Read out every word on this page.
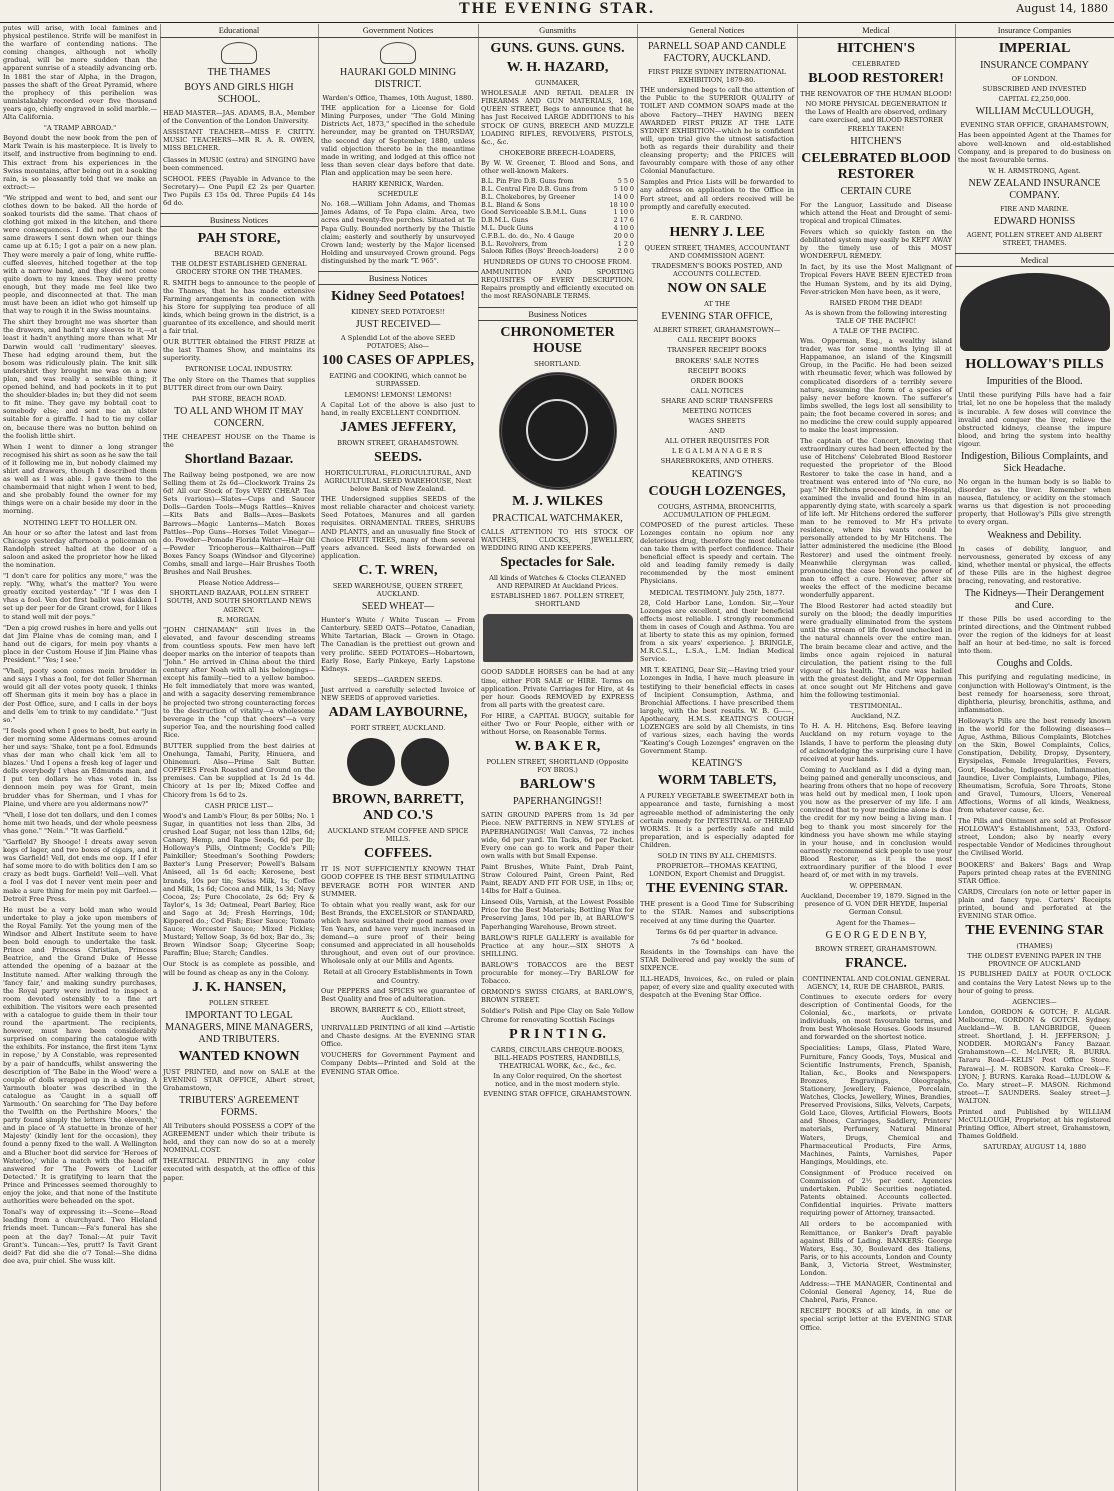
THE EVENING STAR.	August 14, 1880
putes will arise, with local famines and physical pestilence. Strife will be manifest in the warfare of contending nations. The coming changes, although not wholly gradual, will be more sudden than the apparent sunrise of a steadily advancing orb. In 1881 the star of Alpha, in the Dragon, passes the shaft of the Great Pyramid, where the prophecy of this perihelion was unmistakably recorded over five thousand years ago, chiefly engraved in solid marble.—Alta California.
"A TRAMP ABROAD."
Beyond doubt the new book from the pen of Mark Twain is his masterpiece. It is lively to itself, and instructive from beginning to end. This extract from his experiences in the Swiss mountains, after being out in a soaking rain, is so pleasantly told that we make an extract:—
"We stripped and went to bed, and sent our clothes down to be baked. All the horde of soaked tourists did the same. That chaos of clothing got mixed in the kitchen, and there were consequences. I did not get back the same drawers I sent down when our things came up at 6.15; I got a pair on a new plan. They were merely a pair of long, white ruffle-cuffed sleeves, hitched together at the top with a narrow band, and they did not come quite down to my knees. They were pretty enough, but they made me feel like two people, and disconnected at that. The man must have been an idiot who got himself up that way to rough it in the Swiss mountains.
The shirt they brought me was shorter than the drawers, and hadn't any sleeves to it,—at least it hadn't anything more than what Mr Darwin would call 'rudimentary' sleeves. These had edging around them, but the bosom was ridiculously plain. The knit silk undershirt they brought me was on a new plan, and was really a sensible thing; it opened behind, and had pockets in it to put the shoulder-blades in; but they did not seem to fit mine. They gave my bobtail coat to somebody else; and sent me an ulster suitable for a giraffe. I had to tie my collar on, because there was no button behind on the foolish little shirt.
When I went to dinner a long stranger recognised his shirt as soon as he saw the tail of it following me in, but nobody claimed my shirt and drawers, though I described them as well as I was able. I gave them to the chambermaid that night when I went to bed, and she probably found the owner for my things were on a chair beside my door in the morning.
NOTHING LEFT TO HOLLER ON.
An hour or so after the latest and last from Chicago yesterday afternoon a policeman on Randolph street halted at the door of a saloon and asked the proprietor how he liked the nomination.
"I don't care for politics any more," was the reply. "Why, what's the matter? You were greatly excited yesterday." "If I was den I vhas a fool. Ven dot first ballot was dakken I set up der peer for de Grant crowd, for I likes to stand well mit der poys."
"Den a pig crowd rushes in here and yells out dat Jim Plaine vhas de coming man, and I hand out de cigars, for mein poy vhants a place in der Custom House if Jim Plaine vhas President." "Yes; I see."
"Vhell, pooty soon comes mein brudder in and says I vhas a fool, for dot feller Sherman would git all der votes pooty queek. I thinks off Sherman gits it mein boy has a place in der Post Office, sure, and I calls in der boys and dells 'em to trink to my candidate." "Just so."
"I feels good when I goes to bedt, but early in der morning some Aldermans comes around her und says: 'Shake, tont pe a fool. Edmunds vhas der man who chall kick 'em all to blazes.' Und I opens a fresh keg of lager und dells everybody I vhas an Edmunds man, and I put ten dollars he vhas voted in. Iss dennoon mein poy was for Grant, mein brudder vhas for Sherman, und I vhas for Plaine, und vhere are you aldermans now?"
"Vhell, I lose dot ten dollars, und den I comes home mit two heads, und der whole peesness vhas gone." "Nein." "It was Garfield."
"Garfield? By Shooge! I dreats away seven kegs of lager, and two boxes of cigars, and it was Garfield! Vell, dot ends me oop. If I efer haf some more to do with bolitics den I am so crazy as bedt bugs. Garfield! Vell—vell. Vhat a fool I vas dot I never vent mein peer and make a sure thing for mein poy mit Garfeel.—Detroit Free Press.
He must be a very bold man who would undertake to play a joke upon members of the Royal Family. Yet the young men of the Windsor and Albert Institute seem to have been bold enough to undertake the task. Prince and Princess Christian, Princess Beatrice, and the Grand Duke of Hesse attended the opening of a bazaar at the Institute named. After walking through the 'fancy fair,' and making sundry purchases, the Royal party were invited to inspect a room devoted ostensibly to a fine art exhibition. The visitors were each presented with a catalogue to guide them in their tour round the apartment. The recipients, however, must have been considerably surprised on comparing the catalogue with the exhibits. For instance, the first item 'Lynx in repose,' by A Constable, was represented by a pair of handcuffs, whilst answering the description of 'The Babe in the Wood' were a couple of dolls wrapped up in a shaving. A Yarmouth bloater was described in the catalogue as 'Caught in a squall off Yarmouth.' On searching for 'The Day before the Twelfth on the Perthshire Moors,' the party found simply the letters 'the eleventh,' and in place of 'A statuette in bronze of her Majesty' (kindly lent for the occasion), they found a penny fixed to the wall. A Wellington and a Blucher boot did service for 'Heroes of Waterloo,' while a match with the head off answered for 'The Powers of Lucifer Detected.' It is gratifying to learn that the Prince and Princesses seemed thoroughly to enjoy the joke, and that none of the Institute authorities were beheaded on the spot.
Tonal's way of expressing it:—Scene—Road leading from a churchyard. Two Hieland friends meet. Tuncan:—Fa's funeral has she peen at the day? Tonal:—At puir Tavit Grant's. Tuncan:—Yes, prutt? Is Tavit Grant deid? Fat did she die o'? Tonal:—She didna dee ava, puir chiel. She wuss kilt.
Educational
THE THAMES
BOYS AND GIRLS HIGH SCHOOL.
HEAD MASTER—JAS. ADAMS, B.A., Member of the Convention of the London University.
ASSISTANT TEACHER—MISS F. CRITTY. MUSIC TEACHERS—MR R. A. R. OWEN, MISS BELCHER.
Classes in MUSIC (extra) and SINGING have been commenced.
SCHOOL FEES (Payable in Advance to the Secretary)— One Pupil £2 2s per Quarter. Two Pupils £3 15s 0d. Three Pupils £4 14s 6d do.
Business Notices
PAH STORE,
BEACH ROAD.
THE OLDEST ESTABLISHED GENERAL GROCERY STORE ON THE THAMES.
R. SMITH begs to announce to the people of the Thames, that he has made extensive Farming arrangements in connection with his Store for supplying tea produce of all kinds, which being grown in the district, is a guarantee of its excellence, and should merit a fair trial.
OUR BUTTER obtained the FIRST PRIZE at the last Thames Show, and maintains its superiority.
PATRONISE LOCAL INDUSTRY.
The only Store on the Thames that supplies BUTTER direct from our own Dairy.
PAH STORE, BEACH ROAD.
TO ALL AND WHOM IT MAY CONCERN.
THE CHEAPEST HOUSE on the Thame is the
Shortland Bazaar.
The Railway being postponed, we are now Selling them at 2s 6d—Clockwork Trains 2s 6d! All our Stock of Toys VERY CHEAP. Tea Sets (various)—Slates—Cups and Saucer Dolls—Garden Tools—Mugs Rattles—Knives—Kits Bats and Balls—Axes—Baskets Barrows—Magic Lanterns—Match Boxes Pattles—Pop Guns—Horses Toilet Vinegar—do. Powder—Pomade Florida Water—Hair Oil—Powder Tricopherous—Kalthairon—Puff Boxes Fancy Soaps (Windsor and Glycerine) Combs, small and large—Hair Brushes Tooth Brushes and Nail Brushes.
Please Notice Address—
SHORTLAND BAZAAR, POLLEN STREET SOUTH, AND SOUTH SHORTLAND NEWS AGENCY.
R. MORGAN.
"JOHN CHINAMAN" still lives in the elevated, and favour descending streams from countless spouts. Few men have left deeper marks on the interior of teapots than "John." He arrived in China about the third century after Noah with all his belongings—except his family—tied to a yellow bamboo. He felt immediately that more was wanted, and with a sagacity deserving remembrance he projected two strong counteracting forces to the destruction of vitality—a wholesome beverage in the "cup that cheers"—a very superior Tea, and the nourishing food called Rice.
BUTTER supplied from the best dairies at Onehunga, Tamahi, Parity, Hinuera, and Ohinemuri. Also—Prime Salt Butter. COFFEES Fresh Roasted and Ground on the premises. Can be supplied at 1s 2d 1s 4d. Chicory at 1s per lb; Mixed Coffee and Chicory from 1s 6d to 2s.
CASH PRICE LIST—
Wood's and Lamb's Flour, 8s per 50lbs; No. 1 Sugar, in quantities not less than 2lbs, 3d crushed Loaf Sugar, not less than 12lbs, 6d; Canary, Hemp, and Rape Seeds, 6d per lb; Holloway's Pills, Ointment; Cockle's Pill; Painkiller; Steedman's Soothing Powders; Baxter's Lung Preserver; Powell's Balsam Aniseed, all 1s 6d each; Kerosene, best brands, 10s per tin; Swiss Milk, 1s; Coffee and Milk, 1s 6d; Cocoa and Milk, 1s 3d; Navy Cocoa, 2s; Pure Chocolate, 2s 6d; Fry & Taylor's, 1s 3d; Oatmeal, Pearl Barley, Rice and Sago at 3d; Fresh Herrings, 10d; Kippered do.; Cod Fish; Eiser Sauce; Tomato Sauce; Worcester Sauce; Mixed Pickles; Mustard; Yellow Soap, 3s 6d box; Bar do., 3s; Brown Windsor Soap; Glycerine Soap; Paraffin; Blue; Starch; Candles.
Our Stock is as complete as possible, and will be found as cheap as any in the Colony.
J. K. HANSEN,
POLLEN STREET.
IMPORTANT TO LEGAL MANAGERS, MINE MANAGERS, AND TRIBUTERS.
WANTED KNOWN
JUST PRINTED, and now on SALE at the EVENING STAR OFFICE, Albert street, Grahamstown,
TRIBUTERS' AGREEMENT FORMS.
All Tributers should POSSESS a COPY of the AGREEMENT under which their tribute is held, and they can now do so at a merely NOMINAL COST.
THEATRICAL PRINTING in any color executed with despatch, at the office of this paper.
Government Notices
HAURAKI GOLD MINING DISTRICT.
Warden's Office, Thames, 10th August, 1880.
THE application for a License for Gold Mining Purposes, under "The Gold Mining Districts Act, 1873," specified in the schedule hereunder, may be granted on THURSDAY, the second day of September, 1880, unless valid objection thereto be in the meantime made in writing, and lodged at this office not less than seven clear days before that date. Plan and application may be seen here.
HARRY KENRICK, Warden.
SCHEDULE
No. 168.—William John Adams, and Thomas James Adams, of Te Papa claim. Area, two acres and twenty-five perches. Situated at Te Papa Gully. Bounded northerly by the Thistle claim; easterly and southerly by unsurveyed Crown land; westerly by the Major licensed Holding and unsurveyed Crown ground. Pegs distinguished by the mark "T. 965".
Business Notices
Kidney Seed Potatoes!
KIDNEY SEED POTATOES!!
JUST RECEIVED—
A Splendid Lot of the above SEED POTATOES; Also—
100 CASES OF APPLES,
EATING and COOKING, which cannot be SURPASSED.
LEMONS! LEMONS! LEMONS!
A Capital Lot of the above is also just to hand, in really EXCELLENT CONDITION.
JAMES JEFFERY,
BROWN STREET, GRAHAMSTOWN.
SEEDS.
HORTICULTURAL, FLORICULTURAL, AND AGRICULTURAL SEED WAREHOUSE, Next below Bank of New Zealand.
THE Undersigned supplies SEEDS of the most reliable character and choicest variety. Seed Potatoes, Manures and all garden requisites. ORNAMENTAL TREES, SHRUBS AND PLANTS, and an unusually fine Stock of Choice FRUIT TREES, many of them several years advanced. Seed lists forwarded on application.
C. T. WREN,
SEED WAREHOUSE, QUEEN STREET, AUCKLAND.
SEED WHEAT—
Hunter's White / White Tuscan — From Canterbury. SEED OATS—Potatoe, Canadian, White Tartarian, Black — Grown in Otago. The Canadian is the prettiest out grown and very prolific. SEED POTATOES—Hobartown, Early Rose, Early Pinkeye, Early Lapstone Kidneys.
SEEDS—GARDEN SEEDS.
Just arrived a carefully selected Invoice of NEW SEEDS of approved varieties.
ADAM LAYBOURNE,
FORT STREET, AUCKLAND.
BROWN, BARRETT, AND CO.'S
AUCKLAND STEAM COFFEE AND SPICE MILLS.
COFFEES.
IT IS NOT SUFFICIENTLY KNOWN THAT GOOD COFFEE IS THE BEST STIMULATING BEVERAGE BOTH FOR WINTER AND SUMMER.
To obtain what you really want, ask for our Best Brands, the EXCELSIOR or STANDARD, which have sustained their good names over Ten Years, and have very much increased in demand—a sure proof of their being consumed and appreciated in all households throughout, and even out of our province. Wholesale only at our Mills and Agents.
Retail at all Grocery Establishments in Town and Country.
Our PEPPERS and SPICES we guarantee of Best Quality and free of adulteration.
BROWN, BARRETT & CO., Elliott street, Auckland.
UNRIVALLED PRINTING of all kind —Artistic and Chaste designs. At the EVENING STAR Office.
VOUCHERS for Government Payment and Company Debts—Printed and Sold at the EVENING STAR Office.
Gunsmiths
GUNS. GUNS. GUNS.
W. H. HAZARD,
GUNMAKER,
WHOLESALE AND RETAIL DEALER IN FIREARMS AND GUN MATERIALS, 168, QUEEN STREET, Begs to announce that he has Just Received LARGE ADDITIONS to his STOCK OF GUNS, BREECH AND MUZZLE LOADING RIFLES, REVOLVERS, PISTOLS, &c., &c.
CHOKEBORE BREECH-LOADERS,
By W. W. Greener, T. Blood and Sons, and other well-known Makers.
B.L. Pin Fire D.B. Guns from	5 5 0
B.L. Central Fire D.B. Guns from	5 10 0
B.L. Chokebores, by Greener	14 0 0
B.L. Bland & Sons	18 10 0
Good Serviceable S.B.M.L. Guns	1 10 0
D.B.M.L. Guns	2 17 6
M.L. Duck Guns	4 10 0
C.F.B.L. do. do., No. 4 Gauge	20 0 0
B.L. Revolvers, from	1 2 0
Saloon Rifles (Boys' Breech-loaders)	2 0 0
HUNDREDS OF GUNS TO CHOOSE FROM.
AMMUNITION AND SPORTING REQUISITES OF EVERY DESCRIPTION. Repairs promptly and efficiently executed on the most REASONABLE TERMS.
Business Notices
CHRONOMETER HOUSE
SHORTLAND.
M. J. WILKES
PRACTICAL WATCHMAKER,
CALLS ATTENTION TO HIS STOCK OF WATCHES, CLOCKS, JEWELLERY, WEDDING RING AND KEEPERS.
Spectacles for Sale.
All kinds of Watches & Clocks CLEANED AND REPAIRED At Auckland Prices.
ESTABLISHED 1867. POLLEN STREET, SHORTLAND
GOOD SADDLE HORSES can be had at any time, either FOR SALE or HIRE. Terms on application. Private Carriages for Hire, at 4s per hour. Goods REMOVED by EXPRESS from all parts with the greatest care.
For HIRE, a CAPITAL BUGGY, suitable for either Two or Four People, either with or without Horse, on Reasonable Terms.
W. B A K E R,
POLLEN STREET, SHORTLAND (Opposite FOY BROS.)
BARLOW'S
PAPERHANGINGS!!
SATIN GROUND PAPERS from 1s 3d per Piece. NEW PATTERNS in NEW STYLES of PAPERHANGINGS! Wall Canvas, 72 inches wide, 6d per yard. Tin Tacks, 6d per Packet. Every one can go to work and Paper their own walls with but Small Expense.
Paint Brushes, White Paint, Drab Paint, Straw Coloured Paint, Green Paint, Red Paint, READY AND FIT FOR USE, in 1lbs; or, 14lbs for Half a Guinea.
Linseed Oils, Varnish, at the Lowest Possible Price for the Best Materials; Bottling Wax for Preserving Jams, 10d per lb, at BARLOW'S Paperhanging Warehouse, Brown street.
BARLOW'S RIFLE GALLERY is available for Practice at any hour.—SIX SHOTS A SHILLING.
BARLOW'S TOBACCOS are the BEST procurable for money.—Try BARLOW for Tobacco.
ORMOND'S SWISS CIGARS, at BARLOW'S, BROWN STREET.
Soldier's Polish and Pipe Clay on Sale Yellow Chrome for renovating Scottish Facings
P R I N T I N G.
CARDS, CIRCULARS CHEQUE-BOOKS, BILL-HEADS POSTERS, HANDBILLS, THEATRICAL WORK, &c., &c., &c.
In any Color required, On the shortest notice, and in the most modern style.
EVENING STAR OFFICE, GRAHAMSTOWN.
General Notices
PARNELL SOAP AND CANDLE FACTORY, AUCKLAND.
FIRST PRIZE SYDNEY INTERNATIONAL EXHIBITION, 1879-80.
THE undersigned begs to call the attention of the Public to the SUPERIOR QUALITY of TOILET AND COMMON SOAPS made at the above Factory—THEY HAVING BEEN AWARDED FIRST PRIZE AT THE LATE SYDNEY EXHIBITION—which he is confident will, upon trial give the utmost satisfaction both as regards their durability and their cleansing property; and the PRICES will favourably compare with those of any other Colonial Manufacture.
Samples and Price Lists will be forwarded to any address on application to the Office in Fort street, and all orders received will be promptly and carefully executed.
E. R. CARDNO.
HENRY J. LEE
QUEEN STREET, THAMES, ACCOUNTANT AND COMMISSION AGENT.
TRADESMEN'S BOOKS POSTED, AND ACCOUNTS COLLECTED.
NOW ON SALE
AT THE
EVENING STAR OFFICE,
ALBERT STREET, GRAHAMSTOWN—
CALL RECEIPT BOOKS
TRANSFER RECEIPT BOOKS
BROKERS' SALE NOTES
RECEIPT BOOKS
ORDER BOOKS
CALL NOTICES
SHARE AND SCRIP TRANSFERS
MEETING NOTICES
WAGES SHEETS
AND
ALL OTHER REQUISITES FOR
L E G A L M A N A G E R S
SHAREBROKERS, AND OTHERS.
KEATING'S
COUGH LOZENGES,
COUGHS, ASTHMA, BRONCHITIS, ACCUMULATION OF PHLEGM.
COMPOSED of the purest articles. These Lozenges contain no opium nor any deleterious drug, therefore the most delicate can take them with perfect confidence. Their beneficial effect is speedy and certain. The old and leading family remedy is daily recommended by the most eminent Physicians.
MEDICAL TESTIMONY. July 25th, 1877.
28, Cold Harbor Lane, London. Sir,—Your Lozenges are excellent, and their beneficial effects most reliable. I strongly recommend them in cases of Cough and Asthma. You are at liberty to state this as my opinion, formed from a six years' experience. J. BRINGLE, M.R.C.S.L., L.S.A., L.M. Indian Medical Service.
MR T. KEATING, Dear Sir,—Having tried your Lozenges in India, I have much pleasure in testifying to their beneficial effects in cases of Incipient Consumption, Asthma, and Bronchial Affections. I have prescribed them largely, with the best results. W. B. G——, Apothecary, H.M.S. KEATING'S COUGH LOZENGES are sold by all Chemists, in tins of various sizes, each having the words "Keating's Cough Lozenges" engraven on the Government Stamp.
KEATING'S
WORM TABLETS,
A PURELY VEGETABLE SWEETMEAT both in appearance and taste, furnishing a most agreeable method of administering the only certain remedy for INTESTINAL or THREAD WORMS. It is a perfectly safe and mild preparation, and is especially adapted for Children.
SOLD IN TINS BY ALL CHEMISTS.
PROPRIETOR—THOMAS KEATING, LONDON, Export Chemist and Druggist.
THE EVENING STAR.
THE present is a Good Time for Subscribing to the STAR. Names and subscriptions received at any time during the Quarter.
Terms 6s 6d per quarter in advance.
7s 6d " booked.
Residents in the Townships can have the STAR Delivered and pay weekly the sum of SIXPENCE.
ILL-HEADS, Invoices, &c., on ruled or plain paper, of every size and quality executed with despatch at the Evening Star Office.
Medical
HITCHEN'S
CELEBRATED
BLOOD RESTORER!
THE RENOVATOR OF THE HUMAN BLOOD!
NO MORE PHYSICAL DEGENERATION If the Laws of Health are observed, ordinary care exercised, and BLOOD RESTORER FREELY TAKEN!
HITCHEN'S
CELEBRATED BLOOD RESTORER
CERTAIN CURE
For the Languor, Lassitude and Disease which attend the Heat and Drought of semi-tropical and tropical Climates.
Fevers which so quickly fasten on the debilitated system may easily be KEPT AWAY by the timely use of this MOST WONDERFUL REMEDY.
In fact, by its use the Most Malignant of Tropical Fevers HAVE BEEN EJECTED from the Human System, and by its aid Dying, Fever-stricken Men have been, as it were,
RAISED FROM THE DEAD!
As is shown from the following interesting TALE OF THE PACIFIC!
A TALE OF THE PACIFIC.
Wm. Opperman, Esq., a wealthy island trader, was for some months lying ill at Happamanoe, an island of the Kingsmill Group, in the Pacific. He had been seized with rheumatic fever, which was followed by complicated disorders of a terribly severe nature, assuming the form of a species of palsy never before known. The sufferer's limbs swelled, the legs lost all sensibility to pain; the foot became covered in sores; and no medicine the crew could supply appeared to make the least impression.
The captain of the Concert, knowing that extraordinary cures had been effected by the use of Hitchens' Celebrated Blood Restorer requested the proprietor of the Blood Restorer to take the case in hand, and a treatment was entered into of "No cure, no pay." Mr Hitchens proceeded to the Hospital, examined the invalid and found him in an apparently dying state, with scarcely a spark of life left. Mr Hitchens ordered the sufferer man to be removed to Mr H's private residence, where his wants could be personally attended to by Mr Hitchens. The latter administered the medicine (the Blood Restorer) and used the ointment freely. Meanwhile clergyman was called, pronouncing the case beyond the power of man to effect a cure. However, after six weeks the effect of the medicine became wonderfully apparent.
The Blood Restorer had acted steadily but surely on the blood; the deadly impurities were gradually eliminated from the system until the stream of life flowed unchecked in the natural channels over the entire man. The brain became clear and active, and the limbs once again rejoiced in natural circulation, the patient rising to the full vigour of his health. The cure was hailed with the greatest delight, and Mr Opperman at once sought out Mr Hitchens and gave him the following testimonial.
TESTIMONIAL.
Auckland, N.Z.
To H. A. H. Hitchens, Esq. Before leaving Auckland on my return voyage to the Islands, I have to perform the pleasing duty of acknowledging the surprising cure I have received at your hands.
Coming to Auckland as I did a dying man, being pained and generally unconscious, and hearing from others that no hope of recovery was held out by medical men, I look upon you now as the preserver of my life. I am convinced that to your medicine alone is due the credit for my now being a living man. I beg to thank you most sincerely for the kindness you have shown me while staying in your house, and in conclusion would earnestly recommend sick people to use your Blood Restorer, as it is the most extraordinary purifier of the blood I ever heard of, or met with in my travels.
W. OPPERMAN.
Auckland, December 19, 1879. Signed in the presence of G. VON DER HEYDE, Imperial German Consul.
Agent for the Thames—
G E O R G E D E N B Y,
BROWN STREET, GRAHAMSTOWN.
FRANCE.
CONTINENTAL AND COLONIAL GENERAL AGENCY, 14, RUE DE CHABROL, PARIS.
Continues to execute orders for every description of Continental Goods, for the Colonial, &c., markets, or private individuals, on most favourable terms, and from best Wholesale Houses. Goods insured and forwarded on the shortest notice.
Specialities: Lamps, Glass, Plated Ware, Furniture, Fancy Goods, Toys, Musical and Scientific Instruments, French, Spanish, Italian, &c., Books and Newspapers. Bronzes, Engravings, Oleographs, Stationery, Jewellery, Faience, Porcelain, Watches, Clocks, Jewellery, Wines, Brandies, Preserved Provisions, Silks, Velvets, Carpets, Gold Lace, Gloves, Artificial Flowers, Boots and Shoes, Carriages, Saddlery, Printers' materials, Perfumery, Natural Mineral Waters, Drugs, Chemical and Pharmaceutical Products, Fire Arms, Machines, Paints, Varnishes, Paper Hangings, Mouldings, etc.
Consignment of Produce received on Commission of 2½ per cent. Agencies undertaken. Public Securities negotiated. Patents obtained. Accounts collected. Confidential inquiries. Private matters requiring power of Attorney, transacted.
All orders to be accompanied with Remittance, or Banker's Draft payable against Bills of Lading. BANKERS: George Waters, Esq., 30, Boulevard des Italiens, Paris, or to his accounts, London and County Bank, 3, Victoria Street, Westminster, London.
Address:—THE MANAGER, Continental and Colonial General Agency, 14, Rue de Chabrol, Paris, France.
RECEIPT BOOKS of all kinds, in one or special script letter at the EVENING STAR Office.
Insurance Companies
IMPERIAL
INSURANCE COMPANY
OF LONDON.
SUBSCRIBED AND INVESTED
CAPITAL £2,250,000.
WILLIAM McCULLOUGH,
EVENING STAR OFFICE, GRAHAMSTOWN,
Has been appointed Agent at the Thames for above well-known and old-established Company, and is prepared to do business on the most favourable terms.
W. H. ARMSTRONG, Agent.
NEW ZEALAND INSURANCE COMPANY.
FIRE AND MARINE.
EDWARD HONISS
AGENT, POLLEN STREET AND ALBERT STREET, THAMES.
Medical
HOLLOWAY'S PILLS
Impurities of the Blood.
Until these purifying Pills have had a fair trial, let no one be hopeless that the malady is incurable. A few doses will convince the invalid and conquer the liver, relieve the obstructed kidneys, cleanse the impure blood, and bring the system into healthy vigour.
Indigestion, Bilious Complaints, and Sick Headache.
No organ in the human body is so liable to disorder as the liver. Remember when nausea, flatulency, or acidity on the stomach warns us that digestion is not proceeding properly, that Holloway's Pills give strength to every organ.
Weakness and Debility.
In cases of debility, languor, and nervousness, generated by excess of any kind, whether mental or physical, the effects of these Pills are in the highest degree bracing, renovating, and restorative.
The Kidneys—Their Derangement and Cure.
If these Pills be used according to the printed directions, and the Ointment rubbed over the region of the kidneys for at least half an hour at bed-time, no salt is forced into them.
Coughs and Colds.
This purifying and regulating medicine, in conjunction with Holloway's Ointment, is the best remedy for hoarseness, sore throat, diphtheria, pleurisy, bronchitis, asthma, and inflammation.
Holloway's Pills are the best remedy known in the world for the following diseases—Ague, Asthma, Bilious Complaints, Blotches on the Skin, Bowel Complaints, Colics, Constipation, Debility, Dropsy, Dysentery, Erysipelas, Female Irregularities, Fevers, Gout, Headache, Indigestion, Inflammation, Jaundice, Liver Complaints, Lumbago, Piles, Rheumatism, Scrofula, Sore Throats, Stone and Gravel, Tumours, Ulcers, Venereal Affections, Worms of all kinds, Weakness, from whatever cause, &c.
The Pills and Ointment are sold at Professor HOLLOWAY's Establishment, 533, Oxford-street, London; also by nearly every respectable Vendor of Medicines throughout the Civilised World.
BOOKERS' and Bakers' Bags and Wrap Papers printed cheap rates at the EVENING STAR Office.
CARDS, Circulars (on note or letter paper in plain and fancy type. Carters' Receipts printed, bound and perforated at the EVENING STAR Office.
THE EVENING STAR
(THAMES)
THE OLDEST EVENING PAPER IN THE PROVINCE OF AUCKLAND
IS PUBLISHED DAILY at FOUR O'CLOCK and contains the Very Latest News up to the hour of going to press.
AGENCIES—
London, GORDON & GOTCH; F. ALGAR. Melbourne, GORDON & GOTCH. Sydney. Auckland—W. B. LANGBRIDGE, Queen street. Shortland, J. H. JEFFERSON; J. NODDER. MORGAN's Fancy Bazaar. Grahamstown—C. McLIVER; R. BURRA. Tararu Road—KELIS' Post Office Store. Parawai—J. M. ROBSON. Karaka Creek—F. LYON; J. BURNS. Karaka Road—LUDLOW & Co. Mary street—F. MASON. Richmond street—T. SAUNDERS. Sealey street—J. WALTON.
Printed and Published by WILLIAM McCULLOUGH, Proprietor, at his registered Printing Office, Albert street, Grahamstown, Thames Goldfield.
SATURDAY, AUGUST 14, 1880
